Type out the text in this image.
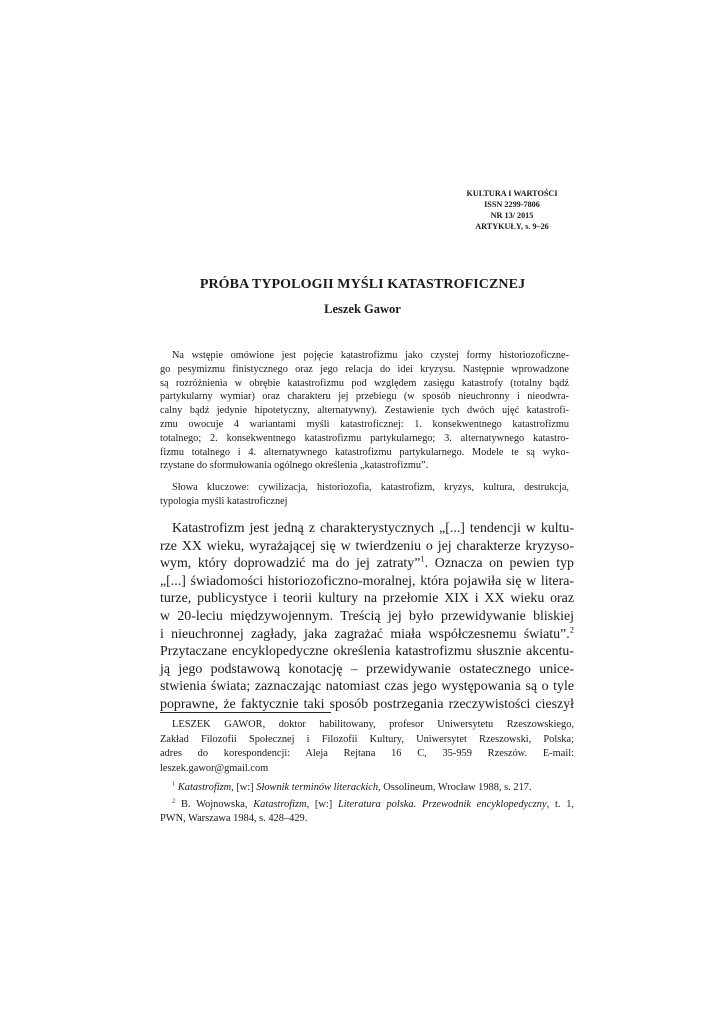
KULTURA I WARTOŚCI
ISSN 2299-7806
NR 13/ 2015
ARTYKUŁY, s. 9–26
PRÓBA TYPOLOGII MYŚLI KATASTROFICZNEJ
Leszek Gawor

Na wstępie omówione jest pojęcie katastrofizmu jako czystej formy historiozoficzne-
go pesymizmu finistycznego oraz jego relacja do idei kryzysu. Następnie wprowadzone
są rozróżnienia w obrębie katastrofizmu pod względem zasięgu katastrofy (totalny bądź
partykularny wymiar) oraz charakteru jej przebiegu (w sposób nieuchronny i nieodwra-
calny bądź jedynie hipotetyczny, alternatywny). Zestawienie tych dwóch ujęć katastrofi-
zmu owocuje 4 wariantami myśli katastroficznej: 1. konsekwentnego katastrofizmu
totalnego; 2. konsekwentnego katastrofizmu partykularnego; 3. alternatywnego katastro-
fizmu totalnego i 4. alternatywnego katastrofizmu partykularnego. Modele te są wyko-
rzystane do sformułowania ogólnego określenia „katastrofizmu”.

Słowa kluczowe: cywilizacja, historiozofia, katastrofizm, kryzys, kultura, destrukcja,
typologia myśli katastroficznej

Katastrofizm jest jedną z charakterystycznych „[...] tendencji w kultu-
rze XX wieku, wyrażającej się w twierdzeniu o jej charakterze kryzyso-
wym, który doprowadzić ma do jej zatraty”$^1$. Oznacza on pewien typ
„[...] świadomości historiozoficzno-moralnej, która pojawiła się w litera-
turze, publicystyce i teorii kultury na przełomie XIX i XX wieku oraz
w 20-leciu międzywojennym. Treścią jej było przewidywanie bliskiej
i nieuchronnej zagłady, jaka zagrażać miała współczesnemu światu”.$^2$
Przytaczane encyklopedyczne określenia katastrofizmu słusznie akcentu-
ją jego podstawową konotację – przewidywanie ostatecznego unice-
stwienia świata; zaznaczając natomiast czas jego występowania są o tyle
poprawne, że faktycznie taki sposób postrzegania rzeczywistości cieszył

LESZEK GAWOR, doktor habilitowany, profesor Uniwersytetu Rzeszowskiego,
Zakład Filozofii Społecznej i Filozofii Kultury, Uniwersytet Rzeszowski, Polska;
adres do korespondencji: Aleja Rejtana 16 C, 35-959 Rzeszów. E-mail:
leszek.gawor@gmail.com

$^1$ Katastrofizm, [w:] Słownik terminów literackich, Ossolineum, Wrocław 1988, s. 217.

$^2$ B. Wojnowska, Katastrofizm, [w:] Literatura polska. Przewodnik encyklopedyczny, t. 1,
PWN, Warszawa 1984, s. 428–429.
